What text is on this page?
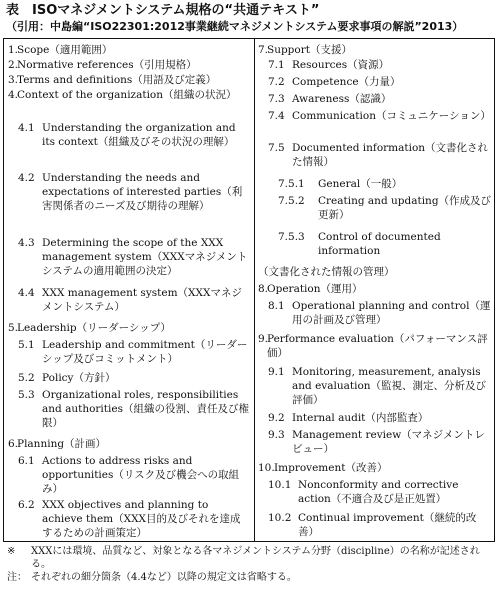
表　ISOマネジメントシステム規格の“共通テキスト”
（引用：中島編“ISO22301:2012事業継続マネジメントシステム要求事項の解説”2013）
1.
Scope（適用範囲）
2.
Normative references（引用規格）
3.
Terms and definitions（用語及び定義）
4.
Context of the organization（組織の状況）
4.1 Understanding the organization and its context（組織及びその状況の理解）
4.2 Understanding the needs and expectations of interested parties（利害関係者のニーズ及び期待の理解）
4.3 Determining the scope of the XXX management system（XXXマネジメントシステムの適用範囲の決定）
4.4 XXX management system（XXXマネジメントシステム）
5.
Leadership（リーダーシップ）
5.1 Leadership and commitment（リーダーシップ及びコミットメント）
5.2 Policy（方針）
5.3 Organizational roles, responsibilities and authorities（組織の役割、責任及び権限）
6.
Planning（計画）
6.1 Actions to address risks and opportunities（リスク及び機会への取組み）
6.2 XXX objectives and planning to achieve them（XXX目的及びそれを達成するための計画策定）
7.
Support（支援）
7.1 Resources（資源）
7.2 Competence（力量）
7.3 Awareness（認識）
7.4 Communication（コミュニケーション）
7.5 Documented information（文書化された情報）
7.5.1	General（一般）
7.5.2	Creating and updating（作成及び更新）
7.5.3	Control of documented information
（文書化された情報の管理）
8.
Operation（運用）
8.1 Operational planning and control（運用の計画及び管理）
9.
Performance evaluation（パフォーマンス評価）
9.1 Monitoring, measurement, analysis and evaluation（監視、測定、分析及び評価）
9.2 Internal audit（内部監査）
9.3 Management review（マネジメントレビュー）
10. Improvement（改善）
10.1 Nonconformity and corrective action（不適合及び是正処置）
10.2 Continual improvement（継続的改善）
※	XXXには環境、品質など、対象となる各マネジメントシステム分野（discipline）の名称が記述される。
注： それぞれの細分箇条（4.4など）以降の規定文は省略する。
